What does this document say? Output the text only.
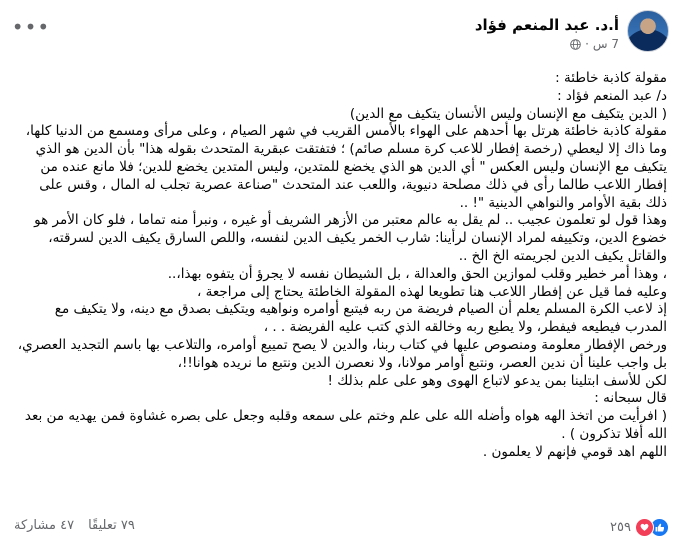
أ.د. عبد المنعم فؤاد
7 س
·
•••

مقولة كاذبة خاطئة :

د/ عبد المنعم فؤاد :

( الدين يتكيف مع الإنسان وليس الأنسان يتكيف مع الدين)

مقولة كاذبة خاطئة هرتل بها أحدهم على الهواء بالأمس القريب في شهر الصيام ، وعلى مرأى ومسمع من الدنيا كلها، وما ذاك إلا ليعطي (رخصة إفطار للاعب كرة مسلم صائم) ؛ فتفتقت عبقرية المتحدث بقوله هذا" بأن الدين هو الذي يتكيف مع الإنسان وليس العكس " أي الدين هو الذي يخضع للمتدين، وليس المتدين يخضع للدين؛ فلا مانع عنده من إفطار اللاعب طالما رأى في ذلك مصلحة دنيوية، واللعب عند المتحدث "صناعة عصرية تجلب له المال ، وقس على ذلك بقية الأوامر والنواهي الدينية "! ..

وهذا قول لو تعلمون عجيب .. لم يقل به عالم معتبر من الأزهر الشريف أو غيره ، ونبرأ منه تماما ، فلو كان الأمر هو خضوع الدين، وتكييفه لمراد الإنسان لرأينا: شارب الخمر يكيف الدين لنفسه، واللص السارق يكيف الدين لسرقته، والقاتل يكيف الدين لجريمته الخ الخ ..

، وهذا أمر خطير وقلب لموازين الحق والعدالة ، بل الشيطان نفسه لا يجرؤ أن يتفوه بهذا،..

وعليه فما قيل عن إفطار اللاعب هنا تطويعا لهذه المقولة الخاطئة يحتاج إلى مراجعة ،

إذ لاعب الكرة المسلم يعلم أن الصيام فريضة من ربه فيتبع أوامره ونواهيه ويتكيف بصدق مع دينه، ولا يتكيف مع المدرب فيطيعه فيفطر، ولا يطيع ربه وخالقه الذي كتب عليه الفريضة . . ،

ورخص الإفطار معلومة ومنصوص عليها في كتاب ربنا، والدين لا يصح تمييع أوامره، والتلاعب بها باسم التجديد العصري، بل واجب علينا أن ندين العصر، ونتبع أوامر مولانا، ولا نعصرن الدين ونتبع ما نريده هوانا!!،

لكن للأسف ابتلينا بمن يدعو لاتباع الهوى وهو على علم بذلك !

قال سبحانه :

( افرأيت من اتخذ الهه هواه وأضله الله على علم وختم على سمعه وقلبه وجعل على بصره غشاوة فمن يهديه من بعد الله أفلا تذكرون ) .

اللهم اهد قومي فإنهم لا يعلمون .

٢٥٩
٧٩ تعليقًا
٤٧ مشاركة
